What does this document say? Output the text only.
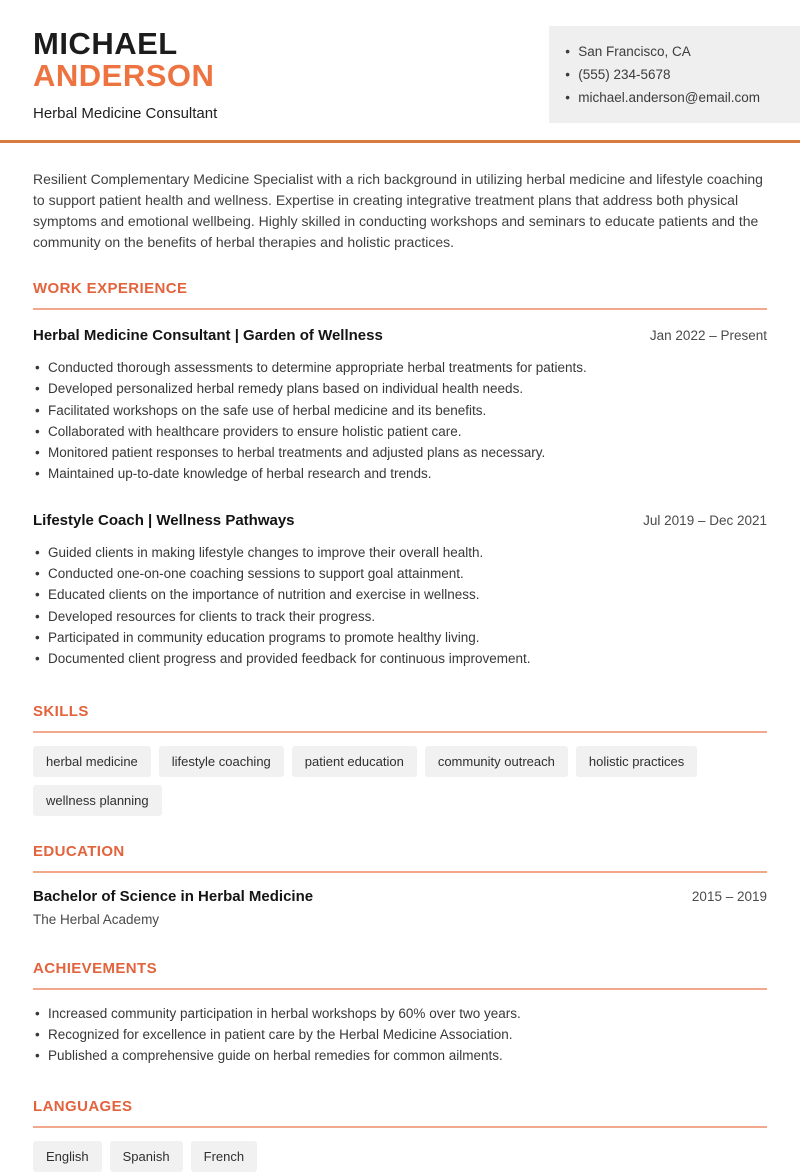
MICHAEL
ANDERSON
Herbal Medicine Consultant
• San Francisco, CA
• (555) 234-5678
• michael.anderson@email.com

Resilient Complementary Medicine Specialist with a rich background in utilizing herbal medicine and lifestyle coaching to support patient health and wellness. Expertise in creating integrative treatment plans that address both physical symptoms and emotional wellbeing. Highly skilled in conducting workshops and seminars to educate patients and the community on the benefits of herbal therapies and holistic practices.

WORK EXPERIENCE
Herbal Medicine Consultant | Garden of Wellness	Jan 2022 – Present
• Conducted thorough assessments to determine appropriate herbal treatments for patients.
• Developed personalized herbal remedy plans based on individual health needs.
• Facilitated workshops on the safe use of herbal medicine and its benefits.
• Collaborated with healthcare providers to ensure holistic patient care.
• Monitored patient responses to herbal treatments and adjusted plans as necessary.
• Maintained up-to-date knowledge of herbal research and trends.
Lifestyle Coach | Wellness Pathways	Jul 2019 – Dec 2021
• Guided clients in making lifestyle changes to improve their overall health.
• Conducted one-on-one coaching sessions to support goal attainment.
• Educated clients on the importance of nutrition and exercise in wellness.
• Developed resources for clients to track their progress.
• Participated in community education programs to promote healthy living.
• Documented client progress and provided feedback for continuous improvement.
SKILLS
herbal medicine	lifestyle coaching	patient education	community outreach	holistic practices
wellness planning
EDUCATION
Bachelor of Science in Herbal Medicine	2015 – 2019
The Herbal Academy
ACHIEVEMENTS
• Increased community participation in herbal workshops by 60% over two years.
• Recognized for excellence in patient care by the Herbal Medicine Association.
• Published a comprehensive guide on herbal remedies for common ailments.
LANGUAGES
English	Spanish	French
